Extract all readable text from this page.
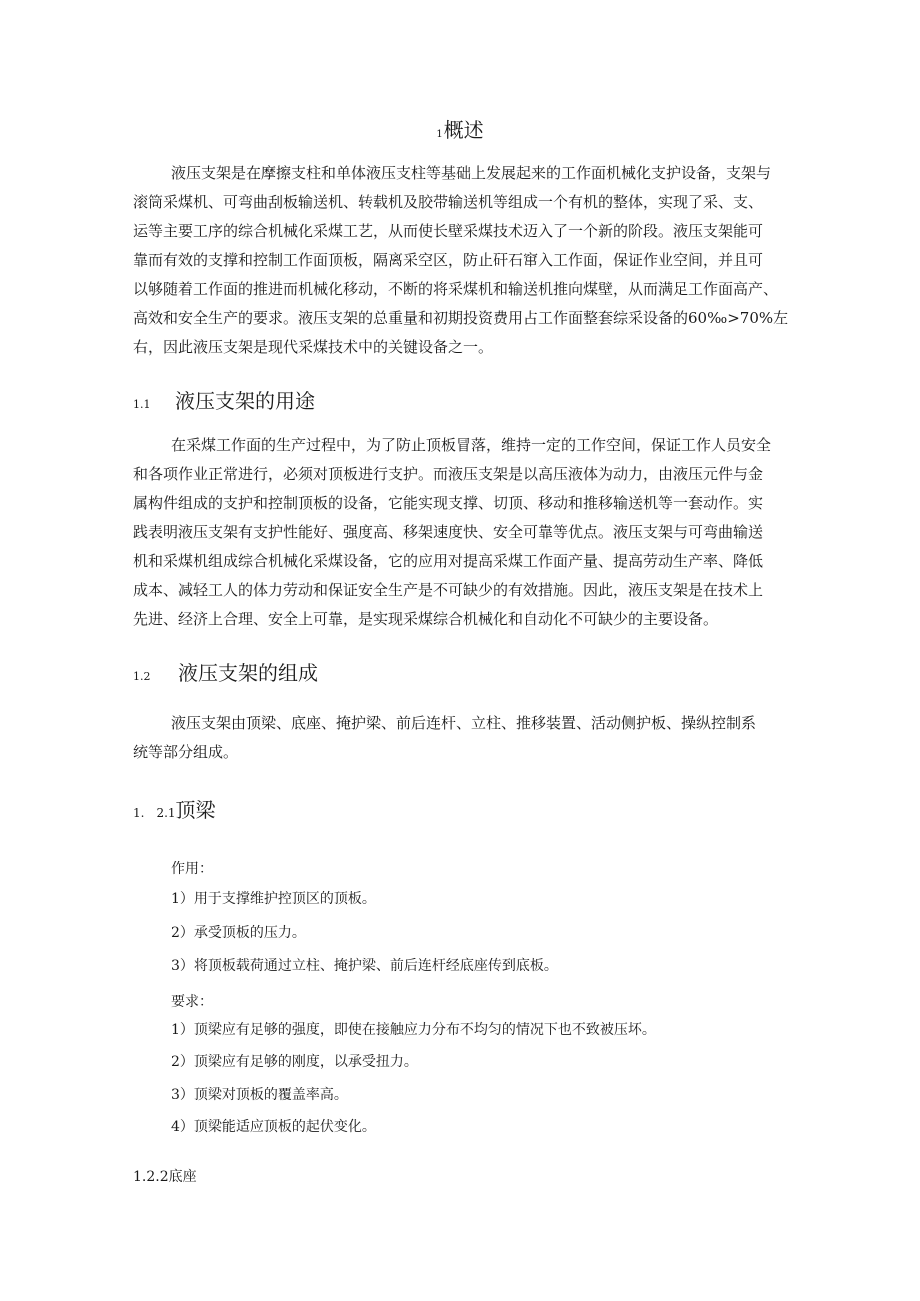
1概述
液压支架是在摩擦支柱和单体液压支柱等基础上发展起来的工作面机械化支护设备，支架与
滚筒采煤机、可弯曲刮板输送机、转载机及胶带输送机等组成一个有机的整体，实现了采、支、
运等主要工序的综合机械化采煤工艺，从而使长壁采煤技术迈入了一个新的阶段。液压支架能可
靠而有效的支撑和控制工作面顶板，隔离采空区，防止矸石窜入工作面，保证作业空间，并且可
以够随着工作面的推进而机械化移动，不断的将采煤机和输送机推向煤壁，从而满足工作面高产、
高效和安全生产的要求。液压支架的总重量和初期投资费用占工作面整套综采设备的60‰>70%左
右，因此液压支架是现代采煤技术中的关键设备之一。
1.1 液压支架的用途
在采煤工作面的生产过程中，为了防止顶板冒落，维持一定的工作空间，保证工作人员安全
和各项作业正常进行，必须对顶板进行支护。而液压支架是以高压液体为动力，由液压元件与金
属构件组成的支护和控制顶板的设备，它能实现支撑、切顶、移动和推移输送机等一套动作。实
践表明液压支架有支护性能好、强度高、移架速度快、安全可靠等优点。液压支架与可弯曲输送
机和采煤机组成综合机械化采煤设备，它的应用对提高采煤工作面产量、提高劳动生产率、降低
成本、减轻工人的体力劳动和保证安全生产是不可缺少的有效措施。因此，液压支架是在技术上
先进、经济上合理、安全上可靠，是实现采煤综合机械化和自动化不可缺少的主要设备。
1.2 液压支架的组成
液压支架由顶梁、底座、掩护梁、前后连杆、立柱、推移装置、活动侧护板、操纵控制系
统等部分组成。
1.　2.1顶梁
作用：
1）用于支撑维护控顶区的顶板。
2）承受顶板的压力。
3）将顶板载荷通过立柱、掩护梁、前后连杆经底座传到底板。
要求：
1）顶梁应有足够的强度，即使在接触应力分布不均匀的情况下也不致被压坏。
2）顶梁应有足够的刚度，以承受扭力。
3）顶梁对顶板的覆盖率高。
4）顶梁能适应顶板的起伏变化。
1.2.2底座
